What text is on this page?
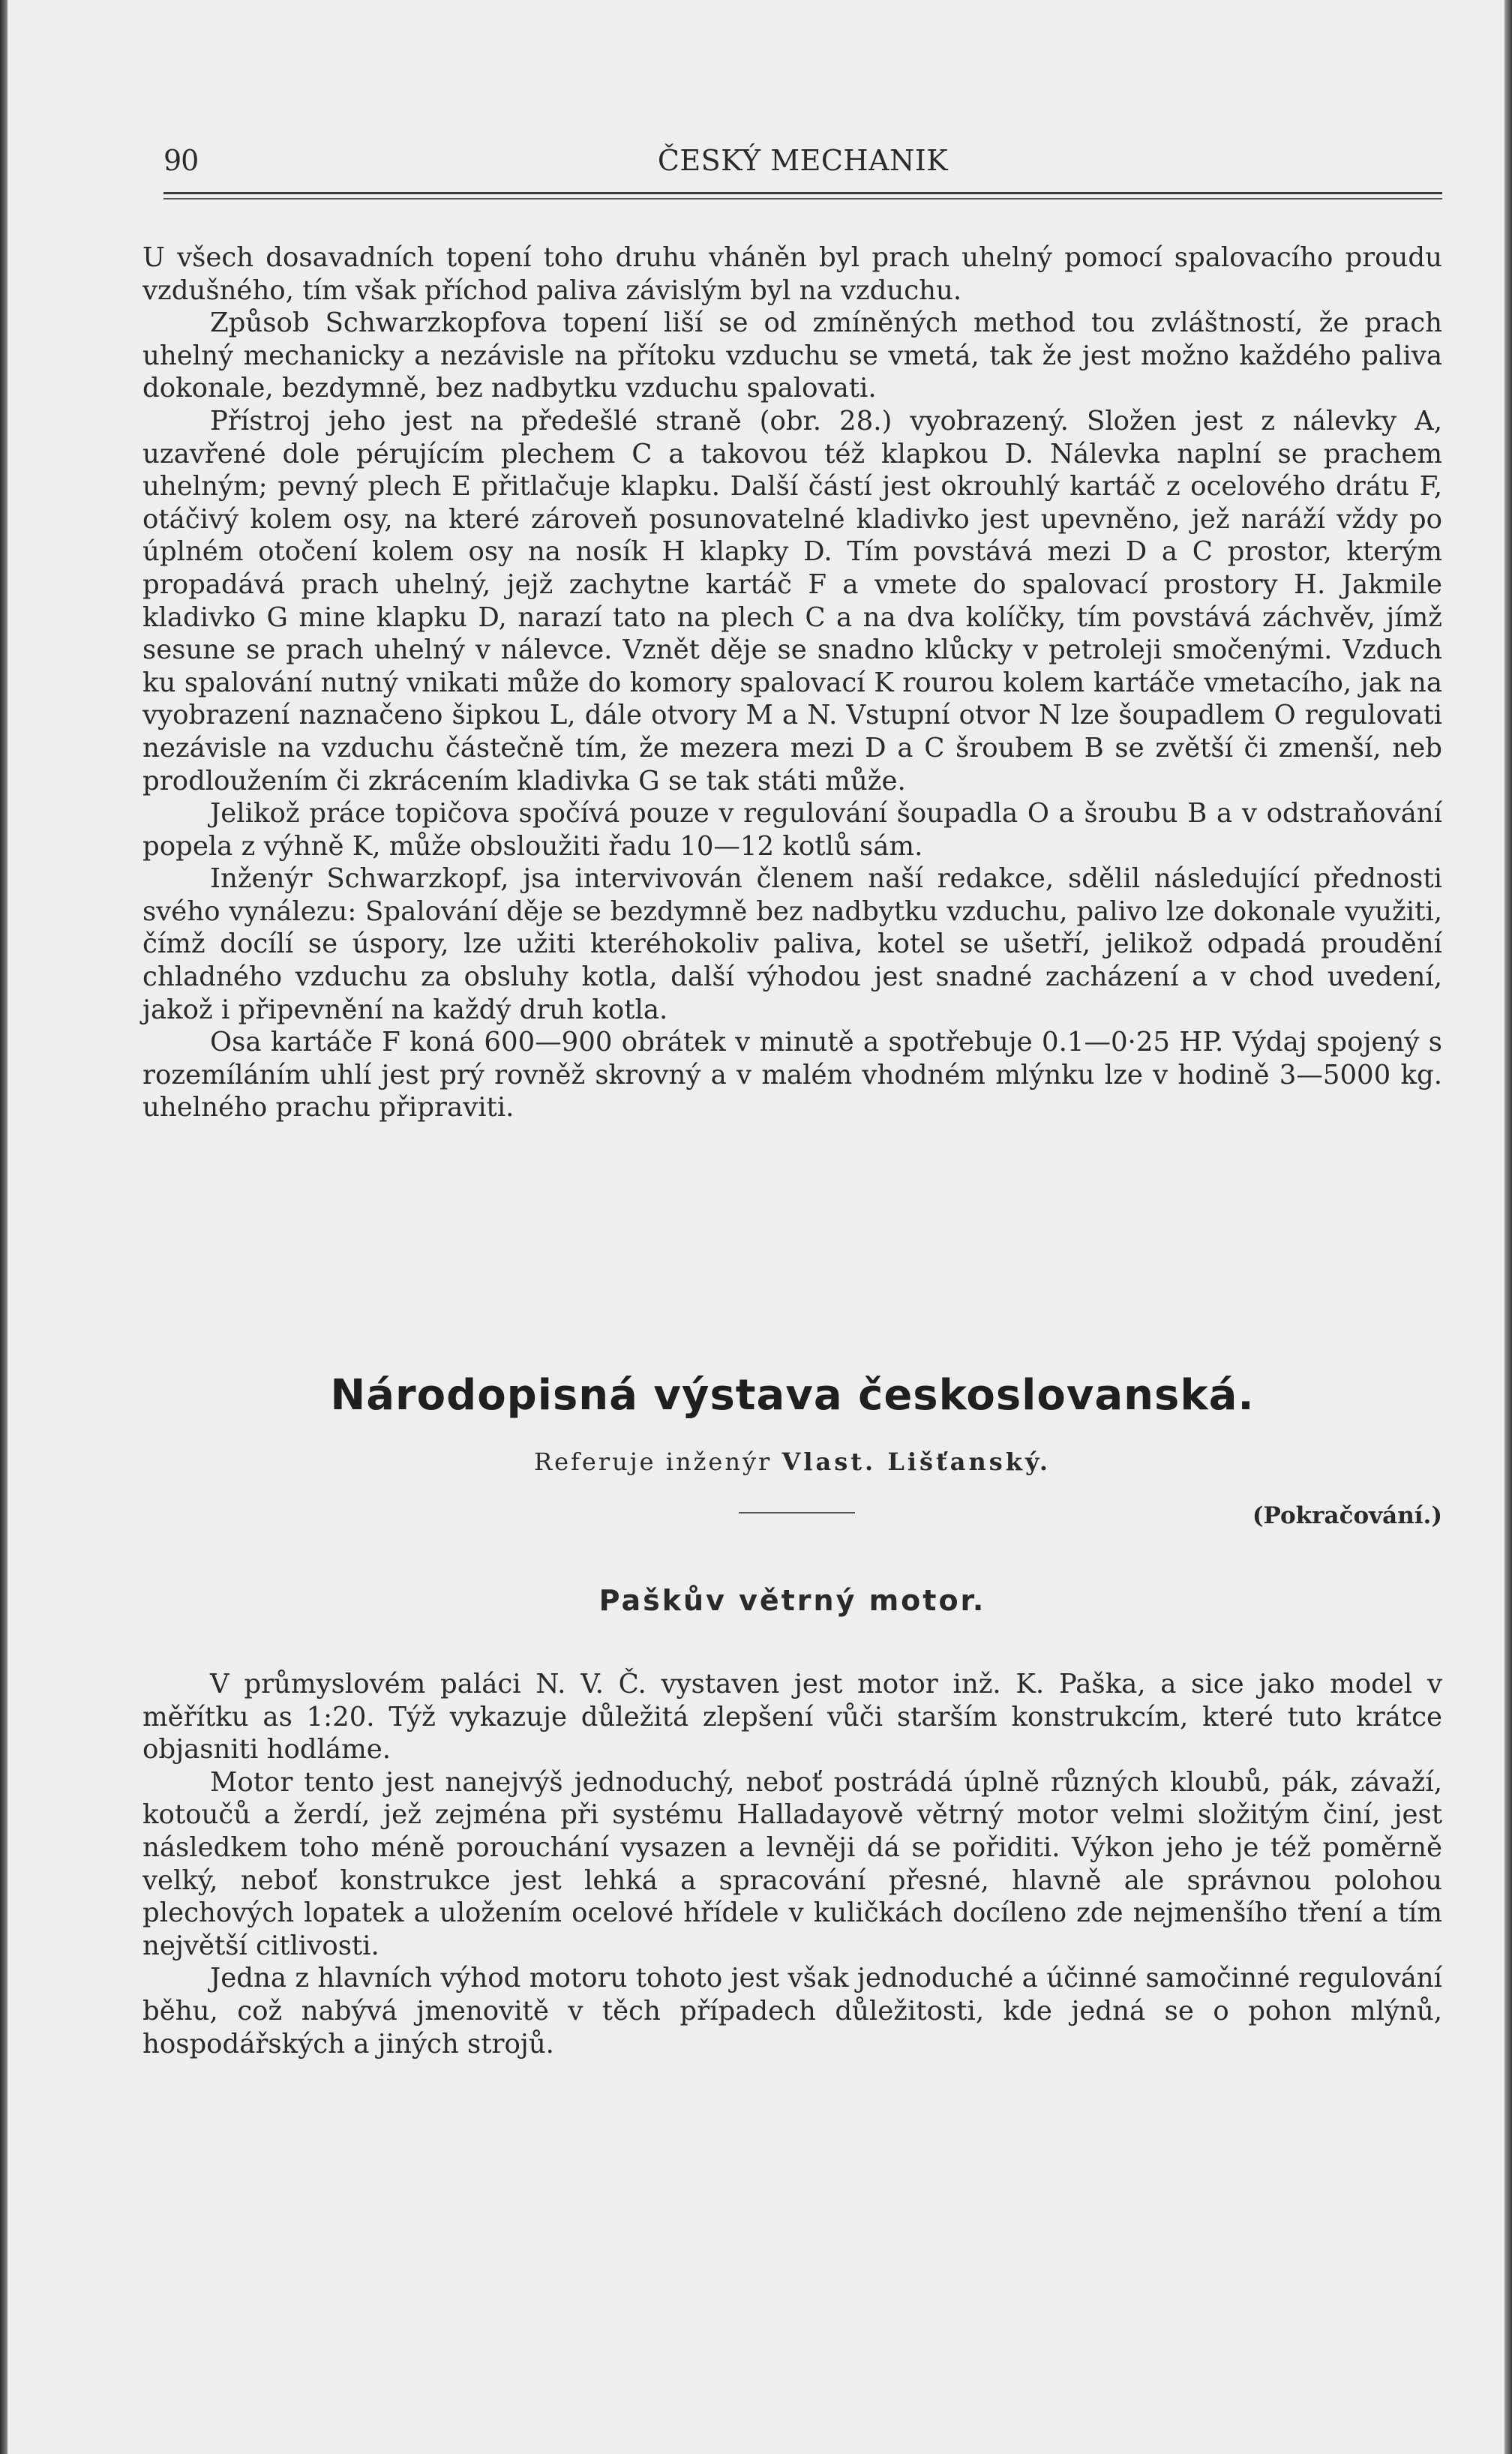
90	ČESKÝ MECHANIK

U všech dosavadních topení toho druhu vháněn byl prach uhelný pomocí spalovacího proudu vzdušného, tím však příchod paliva závislým byl na vzduchu.

Způsob Schwarzkopfova topení liší se od zmíněných method tou zvláštností, že prach uhelný mechanicky a nezávisle na přítoku vzduchu se vmetá, tak že jest možno každého paliva dokonale, bezdymně, bez nadbytku vzduchu spalovati.

Přístroj jeho jest na předešlé straně (obr. 28.) vyobrazený. Složen jest z nálevky A, uzavřené dole pérujícím plechem C a takovou též klapkou D. Nálevka naplní se prachem uhelným; pevný plech E přitlačuje klapku. Další částí jest okrouhlý kartáč z ocelového drátu F, otáčivý kolem osy, na které zároveň posunovatelné kladivko jest upevněno, jež naráží vždy po úplném otočení kolem osy na nosík H klapky D. Tím povstává mezi D a C prostor, kterým propadává prach uhelný, jejž zachytne kartáč F a vmete do spalovací prostory H. Jakmile kladivko G mine klapku D, narazí tato na plech C a na dva kolíčky, tím povstává záchvěv, jímž sesune se prach uhelný v nálevce. Vznět děje se snadno klůcky v petroleji smočenými. Vzduch ku spalování nutný vnikati může do komory spalovací K rourou kolem kartáče vmetacího, jak na vyobrazení naznačeno šipkou L, dále otvory M a N. Vstupní otvor N lze šoupadlem O regulovati nezávisle na vzduchu částečně tím, že mezera mezi D a C šroubem B se zvětší či zmenší, neb prodloužením či zkrácením kladivka G se tak státi může.

Jelikož práce topičova spočívá pouze v regulování šoupadla O a šroubu B a v odstraňování popela z výhně K, může obsloužiti řadu 10—12 kotlů sám.

Inženýr Schwarzkopf, jsa intervivován členem naší redakce, sdělil následující přednosti svého vynálezu: Spalování děje se bezdymně bez nadbytku vzduchu, palivo lze dokonale využiti, čímž docílí se úspory, lze užiti kteréhokoliv paliva, kotel se ušetří, jelikož odpadá proudění chladného vzduchu za obsluhy kotla, další výhodou jest snadné zacházení a v chod uvedení, jakož i připevnění na každý druh kotla.

Osa kartáče F koná 600—900 obrátek v minutě a spotřebuje 0.1—0·25 HP. Výdaj spojený s rozemíláním uhlí jest prý rovněž skrovný a v malém vhodném mlýnku lze v hodině 3—5000 kg. uhelného prachu připraviti.

Národopisná výstava českoslovanská.
Referuje inženýr Vlast. Lišťanský.
(Pokračování.)
Paškův větrný motor.

V průmyslovém paláci N. V. Č. vystaven jest motor inž. K. Paška, a sice jako model v měřítku as 1:20. Týž vykazuje důležitá zlepšení vůči starším konstrukcím, které tuto krátce objasniti hodláme.

Motor tento jest nanejvýš jednoduchý, neboť postrádá úplně různých kloubů, pák, závaží, kotoučů a žerdí, jež zejména při systému Halladayově větrný motor velmi složitým činí, jest následkem toho méně porouchání vysazen a levněji dá se pořiditi. Výkon jeho je též poměrně velký, neboť konstrukce jest lehká a spracování přesné, hlavně ale správnou polohou plechových lopatek a uložením ocelové hřídele v kuličkách docíleno zde nejmenšího tření a tím největší citlivosti.

Jedna z hlavních výhod motoru tohoto jest však jednoduché a účinné samočinné regulování běhu, což nabývá jmenovitě v těch případech důležitosti, kde jedná se o pohon mlýnů, hospodářských a jiných strojů.
